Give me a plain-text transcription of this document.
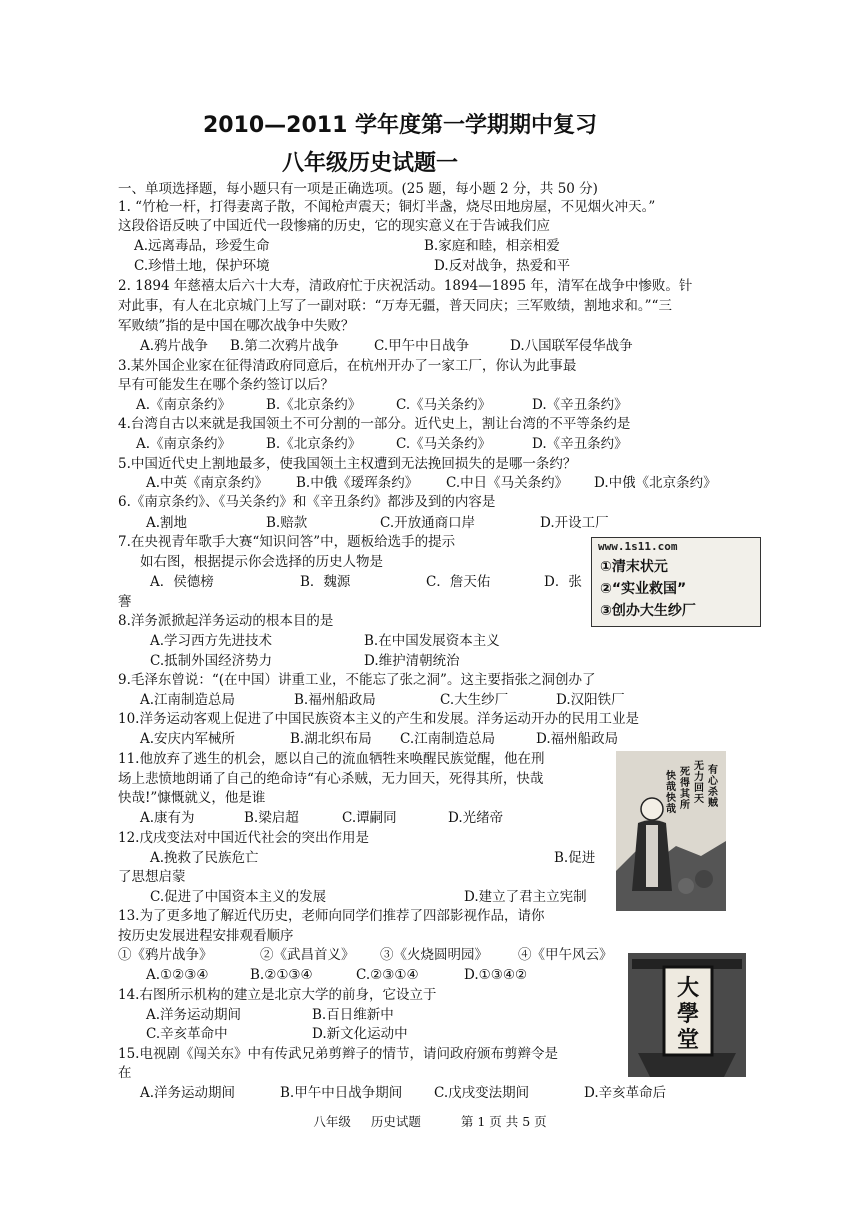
2010—2011 学年度第一学期期中复习
八年级历史试题一
一、单项选择题，每小题只有一项是正确选项。(25 题，每小题 2 分，共 50 分)
1. “竹枪一杆，打得妻离子散，不闻枪声震天；铜灯半盏，烧尽田地房屋，不见烟火冲天。”
这段俗语反映了中国近代一段惨痛的历史，它的现实意义在于告诫我们应
A.远离毒品，珍爱生命	B.家庭和睦，相亲相爱
C.珍惜土地，保护环境	D.反对战争，热爱和平
2. 1894 年慈禧太后六十大寿，清政府忙于庆祝活动。1894—1895 年，清军在战争中惨败。针
对此事，有人在北京城门上写了一副对联：“万寿无疆，普天同庆；三军败绩，割地求和。”“三
军败绩”指的是中国在哪次战争中失败？
A.鸦片战争 B.第二次鸦片战争	C.甲午中日战争	D.八国联军侵华战争
3.某外国企业家在征得清政府同意后，在杭州开办了一家工厂，你认为此事最
早有可能发生在哪个条约签订以后？
A.《南京条约》	B.《北京条约》	C.《马关条约》	D.《辛丑条约》
4.台湾自古以来就是我国领土不可分割的一部分。近代史上，割让台湾的不平等条约是
A.《南京条约》	B.《北京条约》	C.《马关条约》	D.《辛丑条约》
5.中国近代史上割地最多，使我国领土主权遭到无法挽回损失的是哪一条约？
A.中英《南京条约》 B.中俄《瑷珲条约》 C.中日《马关条约》 D.中俄《北京条约》
6.《南京条约》、《马关条约》和《辛丑条约》都涉及到的内容是
A.割地	B.赔款	C.开放通商口岸	D.开设工厂
7.在央视青年歌手大赛“知识问答”中，题板给选手的提示
如右图，根据提示你会选择的历史人物是
A．侯德榜	B．魏源	C．詹天佑	D．张
謇
www.1s11.com
①清末状元
②“实业救国”
③创办大生纱厂
8.洋务派掀起洋务运动的根本目的是
A.学习西方先进技术	B.在中国发展资本主义
C.抵制外国经济势力	D.维护清朝统治
9.毛泽东曾说：“(在中国）讲重工业，不能忘了张之洞”。这主要指张之洞创办了
A.江南制造总局	B.福州船政局	C.大生纱厂	D.汉阳铁厂
10.洋务运动客观上促进了中国民族资本主义的产生和发展。洋务运动开办的民用工业是
A.安庆内军械所	B.湖北织布局 C.江南制造总局	D.福州船政局
11.他放弃了逃生的机会，愿以自己的流血牺牲来唤醒民族觉醒，他在刑
场上悲愤地朗诵了自己的绝命诗“有心杀贼，无力回天，死得其所，快哉
快哉!”慷慨就义，他是谁
A.康有为	B.梁启超	C.谭嗣同	D.光绪帝
有心杀贼
无力回天
死得其所
快哉快哉
12.戊戌变法对中国近代社会的突出作用是
A.挽救了民族危亡	B.促进
了思想启蒙
C.促进了中国资本主义的发展	D.建立了君主立宪制
13.为了更多地了解近代历史，老师向同学们推荐了四部影视作品，请你
按历史发展进程安排观看顺序
①《鸦片战争》	②《武昌首义》 ③《火烧圆明园》 ④《甲午风云》
A.①②③④	B.②①③④	C.②③①④	D.①③④②
14.右图所示机构的建立是北京大学的前身，它设立于
A.洋务运动期间	B.百日维新中
C.辛亥革命中	D.新文化运动中
大學堂
15.电视剧《闯关东》中有传武兄弟剪辫子的情节，请问政府颁布剪辫令是
在
A.洋务运动期间	B.甲午中日战争期间 C.戊戌变法期间	D.辛亥革命后
八年级 历史试题	第 1 页 共 5 页
